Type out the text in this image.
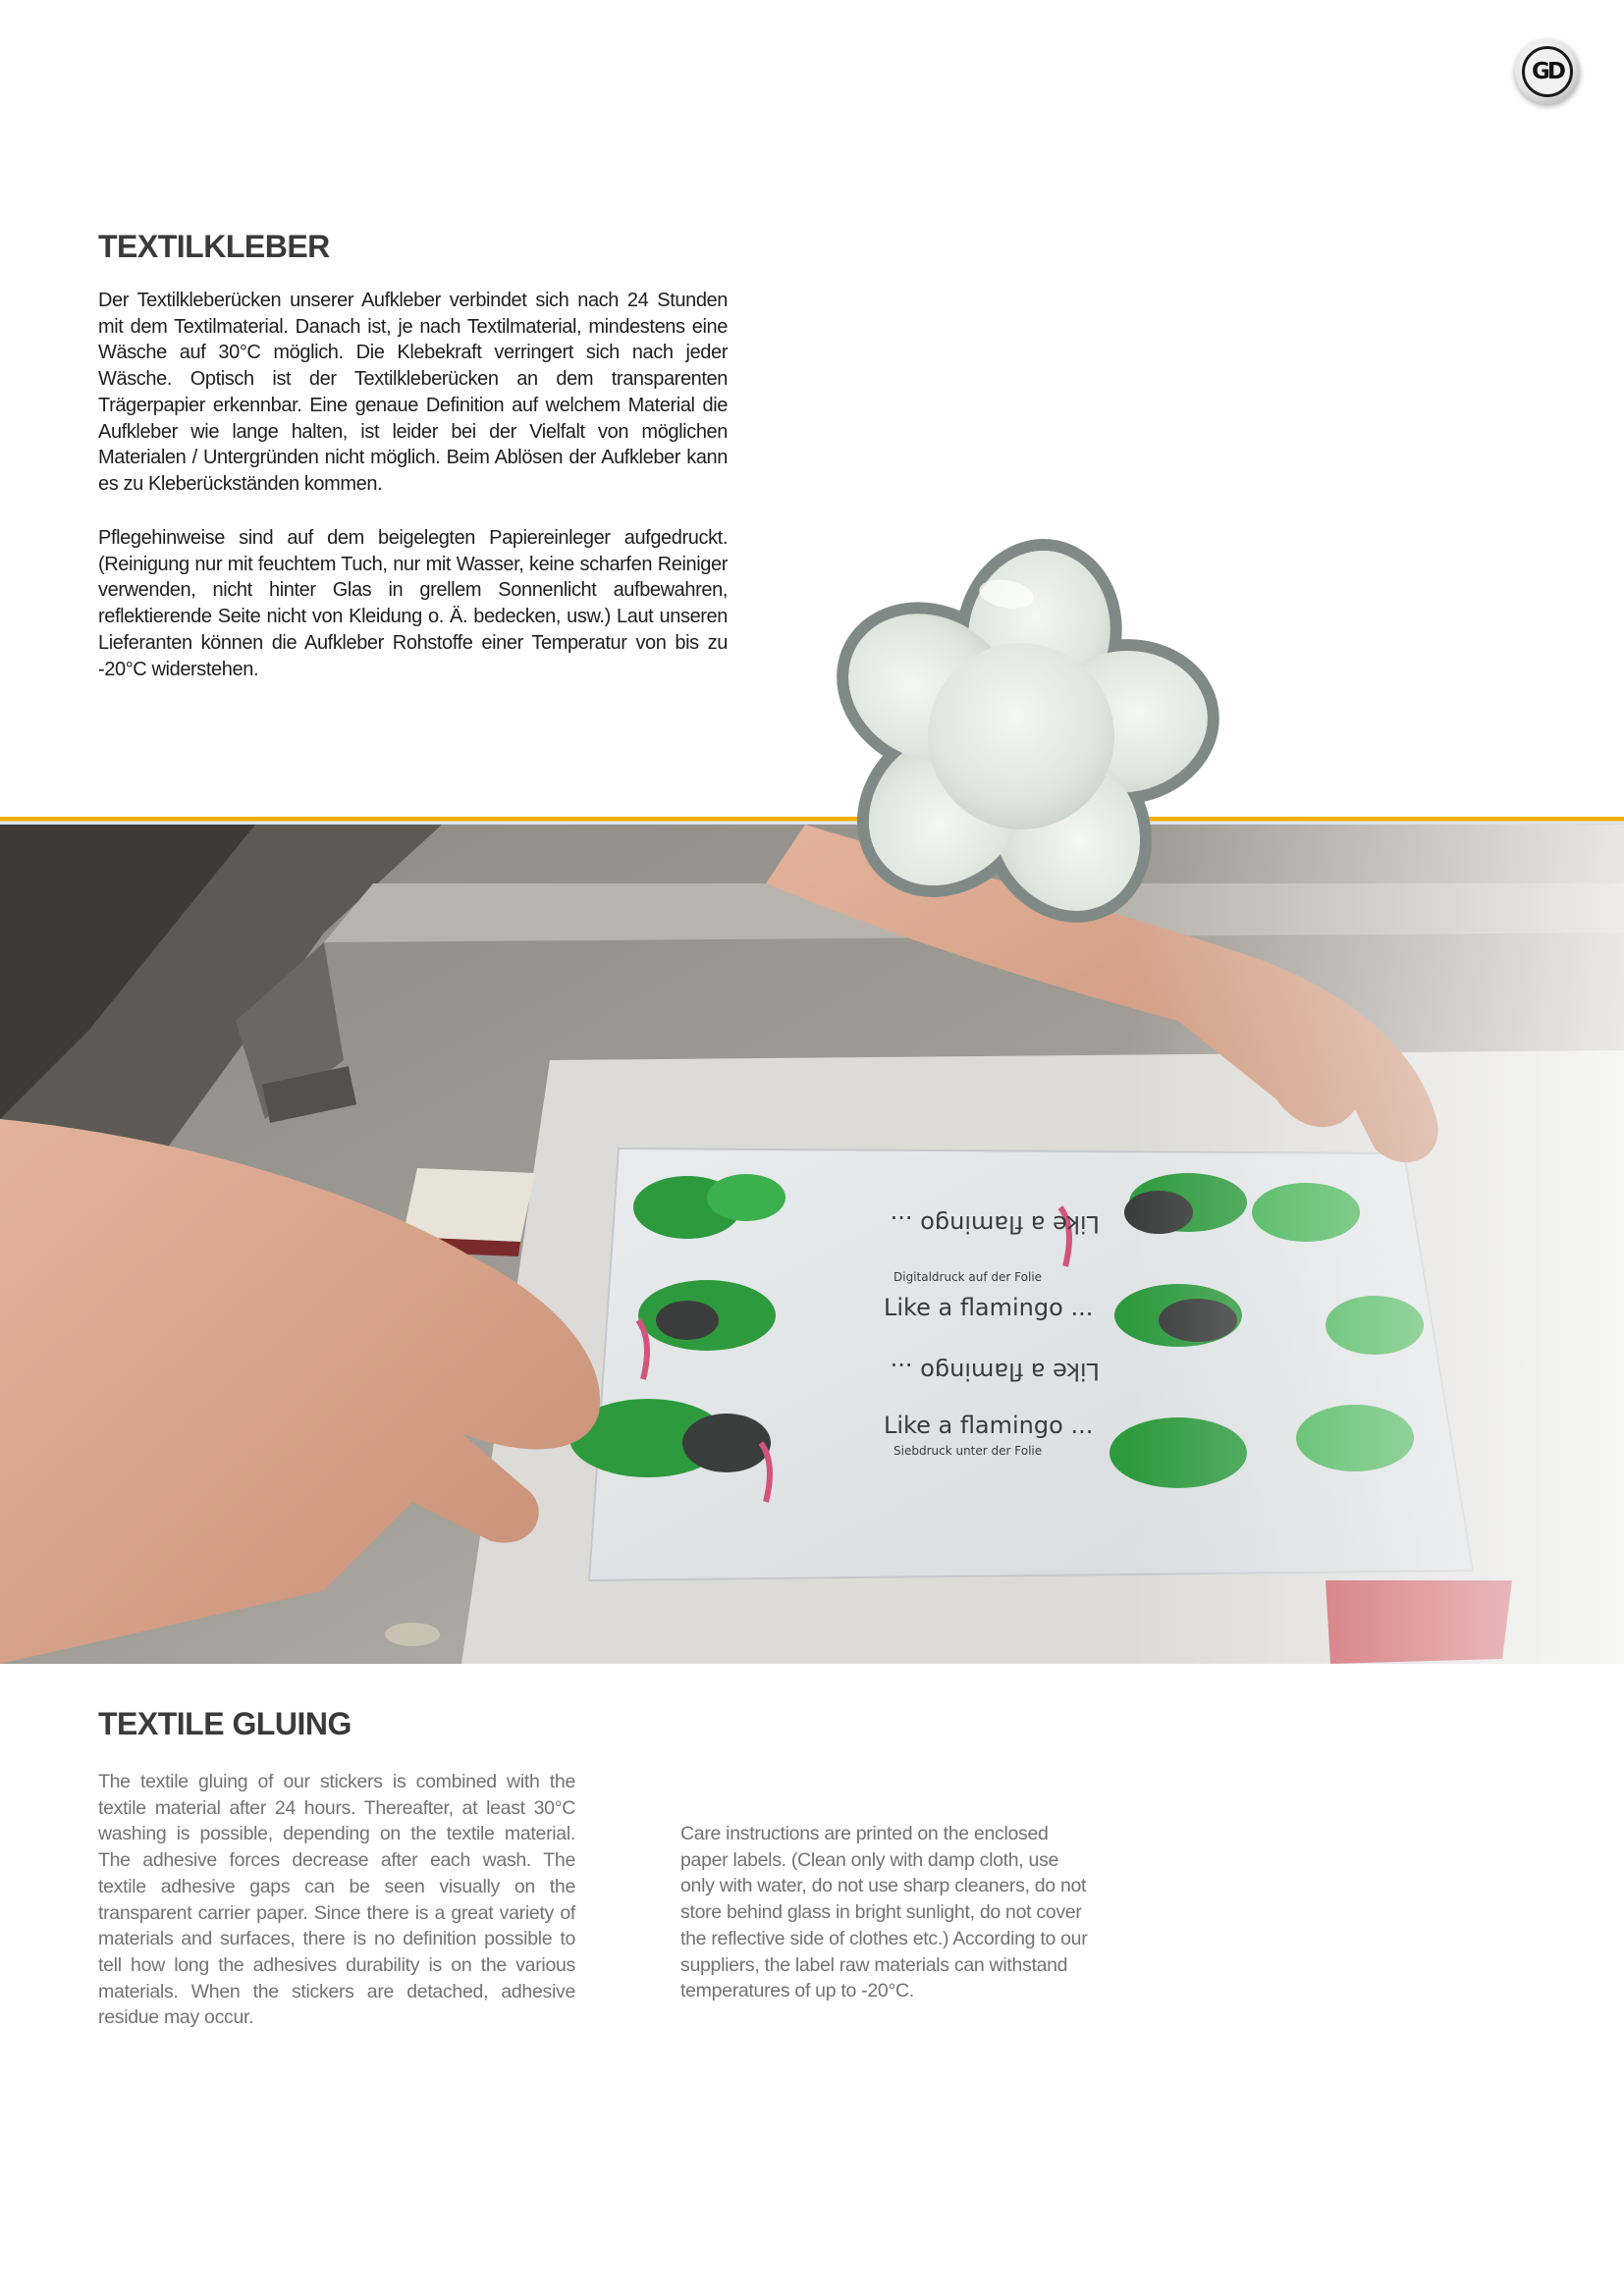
GD
TEXTILKLEBER

Der Textilkleberücken unserer Aufkleber verbindet sich nach 24 Stunden mit dem Textilmaterial. Danach ist, je nach Textilmaterial, mindestens eine Wäsche auf 30°C möglich. Die Klebekraft verringert sich nach jeder Wäsche. Optisch ist der Textilkleberücken an dem transparenten Trägerpapier erkennbar. Eine genaue Definition auf welchem Material die Aufkleber wie lange halten, ist leider bei der Vielfalt von möglichen Materialen / Untergründen nicht möglich. Beim Ablösen der Aufkleber kann es zu Kleberückständen kommen.

Pflegehinweise sind auf dem beigelegten Papiereinleger aufgedruckt. (Reinigung nur mit feuchtem Tuch, nur mit Wasser, keine scharfen Reiniger verwenden, nicht hinter Glas in grellem Sonnenlicht aufbewahren, reflektierende Seite nicht von Kleidung o. Ä. bedecken, usw.) Laut unseren Lieferanten können die Aufkleber Rohstoffe einer Temperatur von bis zu -20°C widerstehen.

Like a flamingo ...
Like a flamingo ...
Like a flamingo ...
Like a flamingo ...
Digitaldruck auf der Folie
Siebdruck unter der Folie
TEXTILE GLUING

The textile gluing of our stickers is combined with the textile material after 24 hours. Thereafter, at least 30°C washing is possible, depending on the textile material. The adhesive forces decrease after each wash. The textile adhesive gaps can be seen visually on the transparent carrier paper. Since there is a great variety of materials and surfaces, there is no definition possible to tell how long the adhesives durability is on the various materials. When the stickers are detached, adhesive residue may occur.

Care instructions are printed on the enclosed paper labels. (Clean only with damp cloth, use only with water, do not use sharp cleaners, do not store behind glass in bright sunlight, do not cover the reflective side of clothes etc.) According to our suppliers, the label raw materials can withstand temperatures of up to -20°C.
